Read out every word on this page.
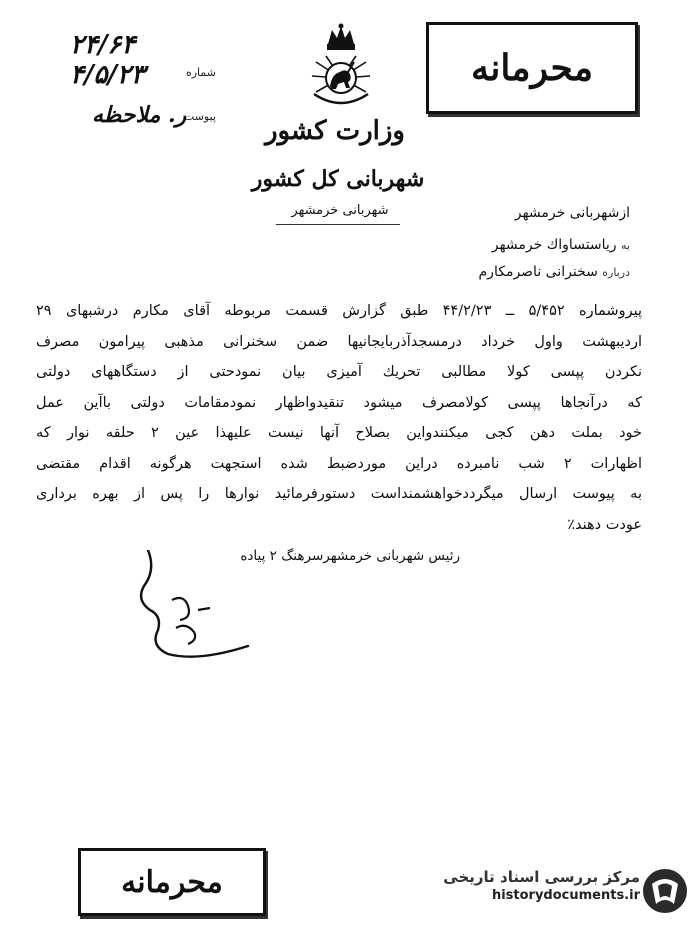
محرمانه
شماره
پیوست
۲۴/۶۴
۴/۵/۲۳
ر. ملاحظه
وزارت کشور
شهربانی کل کشور
شهربانی خرمشهر	ازشهربانی خرمشهر
به ریاستساواك خرمشهر
درباره سخنرانی ناصرمکارم

پیروشماره ۵/۴۵۲ ــ ۴۴/۲/۲۳ طبق گزارش قسمت مربوطه آقای مکارم درشبهای ۲۹

اردیبهشت واول خرداد درمسجدآذربایجانیها ضمن سخنرانی مذهبی پیرامون مصرف

نکردن پپسی کولا مطالبی تحریك آمیزی بیان نمودحتی از دستگاههای دولتی

که درآنجاها پپسی کولامصرف میشود تنقیدواظهار نمودمقامات دولتی باآین عمل

خود بملت دهن کجی میکنندواین بصلاح آنها نیست علیهذا عین ۲ حلقه نوار که

اظهارات ۲ شب نامبرده دراین موردضبط شده استجهت هرگونه اقدام مقتضی

به پیوست ارسال میگرددخواهشمنداست دستورفرمائید نوارها را پس از بهره برداری

عودت دهند٪

رئیس شهربانی خرمشهرسرهنگ ۲ پیاده
محرمانه	مرکز بررسی اسناد تاریخی
historydocuments.ir
